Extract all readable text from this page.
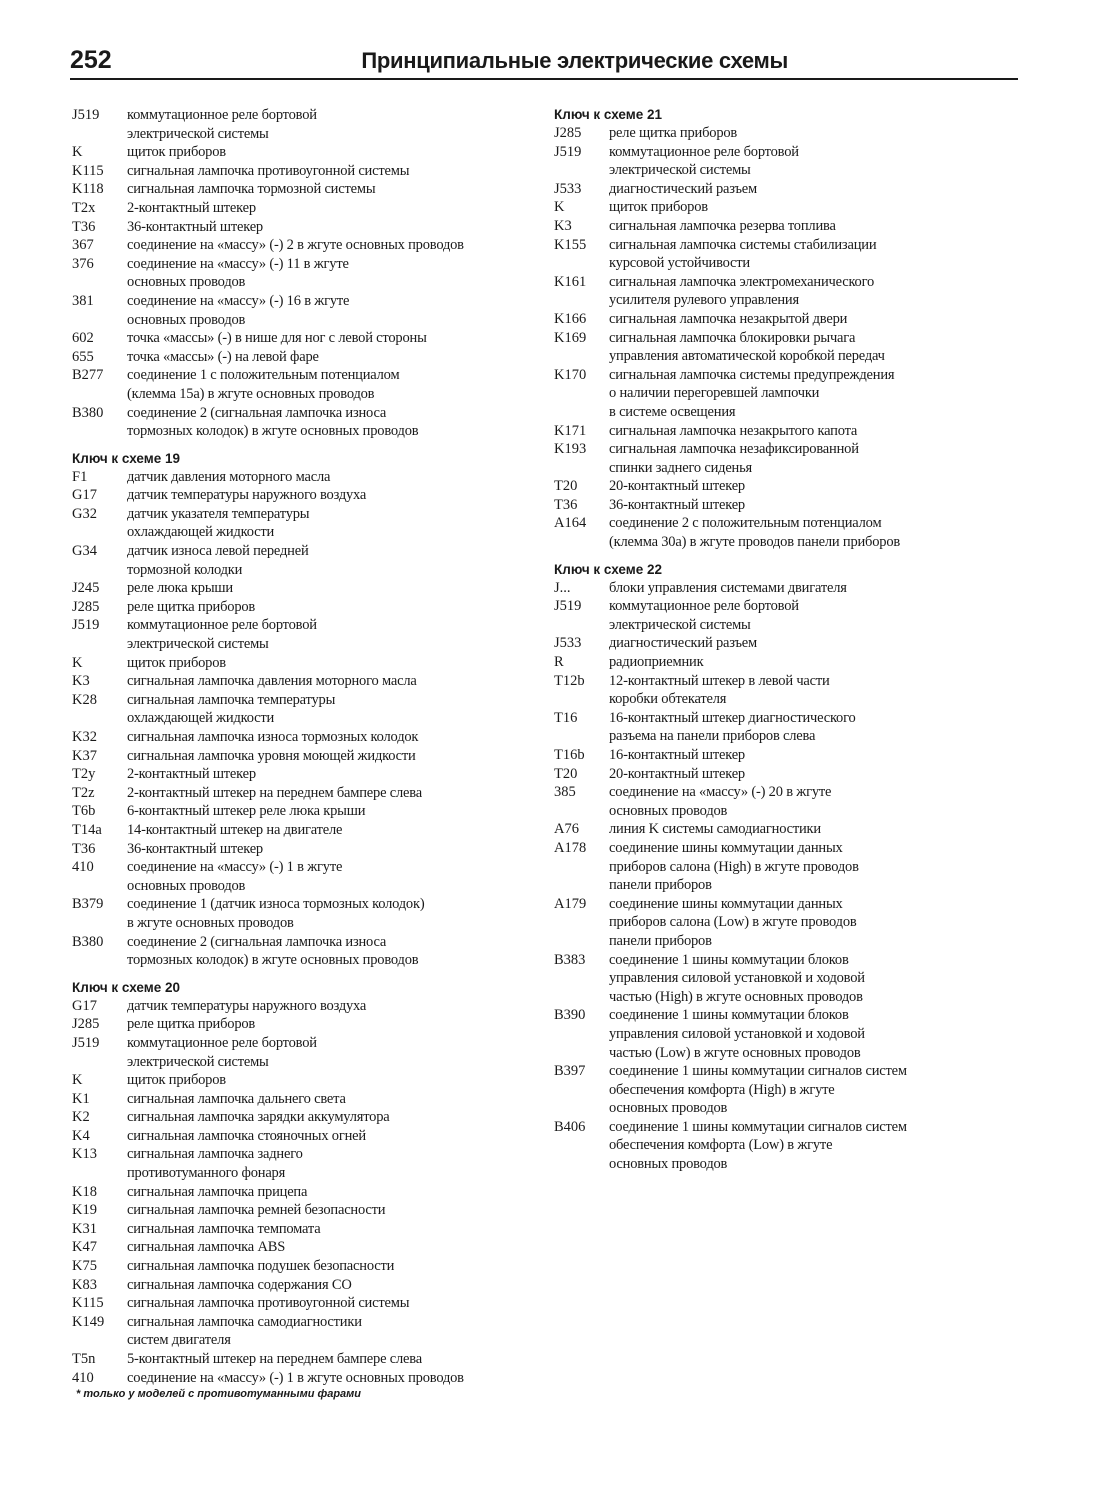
252	Принципиальные электрические схемы
J519	коммутационное реле бортовой
электрической системы
K	щиток приборов
K115	сигнальная лампочка противоугонной системы
K118	сигнальная лампочка тормозной системы
T2x	2-контактный штекер
T36	36-контактный штекер
367	соединение на «массу» (-) 2 в жгуте основных проводов
376	соединение на «массу» (-) 11 в жгуте
основных проводов
381	соединение на «массу» (-) 16 в жгуте
основных проводов
602	точка «массы» (-) в нише для ног с левой стороны
655	точка «массы» (-) на левой фаре
B277	соединение 1 с положительным потенциалом
(клемма 15а) в жгуте основных проводов
B380	соединение 2 (сигнальная лампочка износа
тормозных колодок) в жгуте основных проводов
Ключ к схеме 19
F1	датчик давления моторного масла
G17	датчик температуры наружного воздуха
G32	датчик указателя температуры
охлаждающей жидкости
G34	датчик износа левой передней
тормозной колодки
J245	реле люка крыши
J285	реле щитка приборов
J519	коммутационное реле бортовой
электрической системы
K	щиток приборов
K3	сигнальная лампочка давления моторного масла
K28	сигнальная лампочка температуры
охлаждающей жидкости
K32	сигнальная лампочка износа тормозных колодок
K37	сигнальная лампочка уровня моющей жидкости
T2y	2-контактный штекер
T2z	2-контактный штекер на переднем бампере слева
T6b	6-контактный штекер реле люка крыши
T14a	14-контактный штекер на двигателе
T36	36-контактный штекер
410	соединение на «массу» (-) 1 в жгуте
основных проводов
B379	соединение 1 (датчик износа тормозных колодок)
в жгуте основных проводов
B380	соединение 2 (сигнальная лампочка износа
тормозных колодок) в жгуте основных проводов
Ключ к схеме 20
G17	датчик температуры наружного воздуха
J285	реле щитка приборов
J519	коммутационное реле бортовой
электрической системы
K	щиток приборов
K1	сигнальная лампочка дальнего света
K2	сигнальная лампочка зарядки аккумулятора
K4	сигнальная лампочка стояночных огней
K13	сигнальная лампочка заднего
противотуманного фонаря
K18	сигнальная лампочка прицепа
K19	сигнальная лампочка ремней безопасности
K31	сигнальная лампочка темпомата
K47	сигнальная лампочка ABS
K75	сигнальная лампочка подушек безопасности
K83	сигнальная лампочка содержания CO
K115	сигнальная лампочка противоугонной системы
K149	сигнальная лампочка самодиагностики
систем двигателя
T5n	5-контактный штекер на переднем бампере слева
410	соединение на «массу» (-) 1 в жгуте основных проводов
* только у моделей с противотуманными фарами
Ключ к схеме 21
J285	реле щитка приборов
J519	коммутационное реле бортовой
электрической системы
J533	диагностический разъем
K	щиток приборов
K3	сигнальная лампочка резерва топлива
K155	сигнальная лампочка системы стабилизации
курсовой устойчивости
K161	сигнальная лампочка электромеханического
усилителя рулевого управления
K166	сигнальная лампочка незакрытой двери
K169	сигнальная лампочка блокировки рычага
управления автоматической коробкой передач
K170	сигнальная лампочка системы предупреждения
о наличии перегоревшей лампочки
в системе освещения
K171	сигнальная лампочка незакрытого капота
K193	сигнальная лампочка незафиксированной
спинки заднего сиденья
T20	20-контактный штекер
T36	36-контактный штекер
A164	соединение 2 с положительным потенциалом
(клемма 30а) в жгуте проводов панели приборов
Ключ к схеме 22
J...	блоки управления системами двигателя
J519	коммутационное реле бортовой
электрической системы
J533	диагностический разъем
R	радиоприемник
T12b	12-контактный штекер в левой части
коробки обтекателя
T16	16-контактный штекер диагностического
разъема на панели приборов слева
T16b	16-контактный штекер
T20	20-контактный штекер
385	соединение на «массу» (-) 20 в жгуте
основных проводов
A76	линия K системы самодиагностики
A178	соединение шины коммутации данных
приборов салона (High) в жгуте проводов
панели приборов
A179	соединение шины коммутации данных
приборов салона (Low) в жгуте проводов
панели приборов
B383	соединение 1 шины коммутации блоков
управления силовой установкой и ходовой
частью (High) в жгуте основных проводов
B390	соединение 1 шины коммутации блоков
управления силовой установкой и ходовой
частью (Low) в жгуте основных проводов
B397	соединение 1 шины коммутации сигналов систем
обеспечения комфорта (High) в жгуте
основных проводов
B406	соединение 1 шины коммутации сигналов систем
обеспечения комфорта (Low) в жгуте
основных проводов
